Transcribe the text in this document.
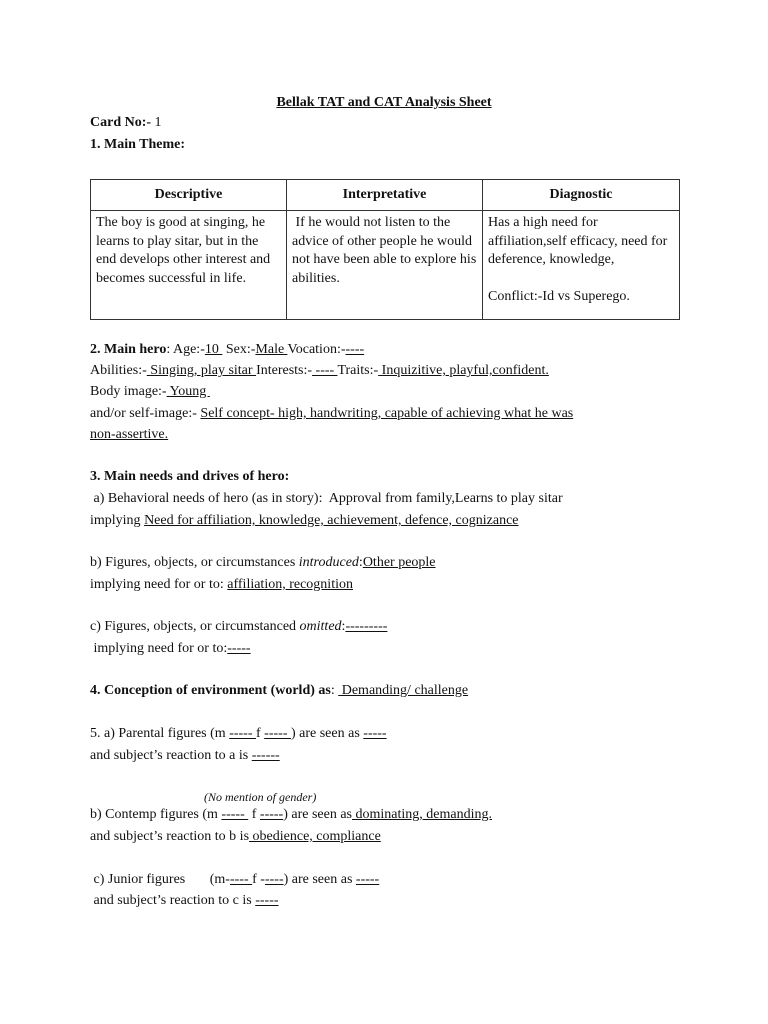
Bellak TAT and CAT Analysis Sheet
Card No:- 1
1. Main Theme:
Descriptive	Interpretative	Diagnostic
The boy is good at singing, he learns to play sitar, but in the end develops other interest and becomes successful in life.	If he would not listen to the advice of other people he would not have been able to explore his abilities.	Has a high need for affiliation,self efficacy, need for deference, knowledge,
Conflict:-Id vs Superego.
2. Main hero: Age:-10  Sex:-Male Vocation:-----
Abilities:- Singing, play sitar Interests:- ---- Traits:- Inquizitive, playful,confident.
Body image:- Young
and/or self-image:- Self concept- high, handwriting, capable of achieving what he was
non-assertive.
3. Main needs and drives of hero:
a) Behavioral needs of hero (as in story):  Approval from family,Learns to play sitar
implying Need for affiliation, knowledge, achievement, defence, cognizance
b) Figures, objects, or circumstances introduced:Other people
implying need for or to: affiliation, recognition
c) Figures, objects, or circumstanced omitted:---------
implying need for or to:-----
4. Conception of environment (world) as:  Demanding/ challenge
5. a) Parental figures (m ----- f ----- ) are seen as -----
and subject’s reaction to a is ------
(No mention of gender)
b) Contemp figures (m -----  f -----) are seen as dominating, demanding.
and subject’s reaction to b is obedience, compliance
c) Junior figures       (m----- f -----) are seen as -----
and subject’s reaction to c is -----
